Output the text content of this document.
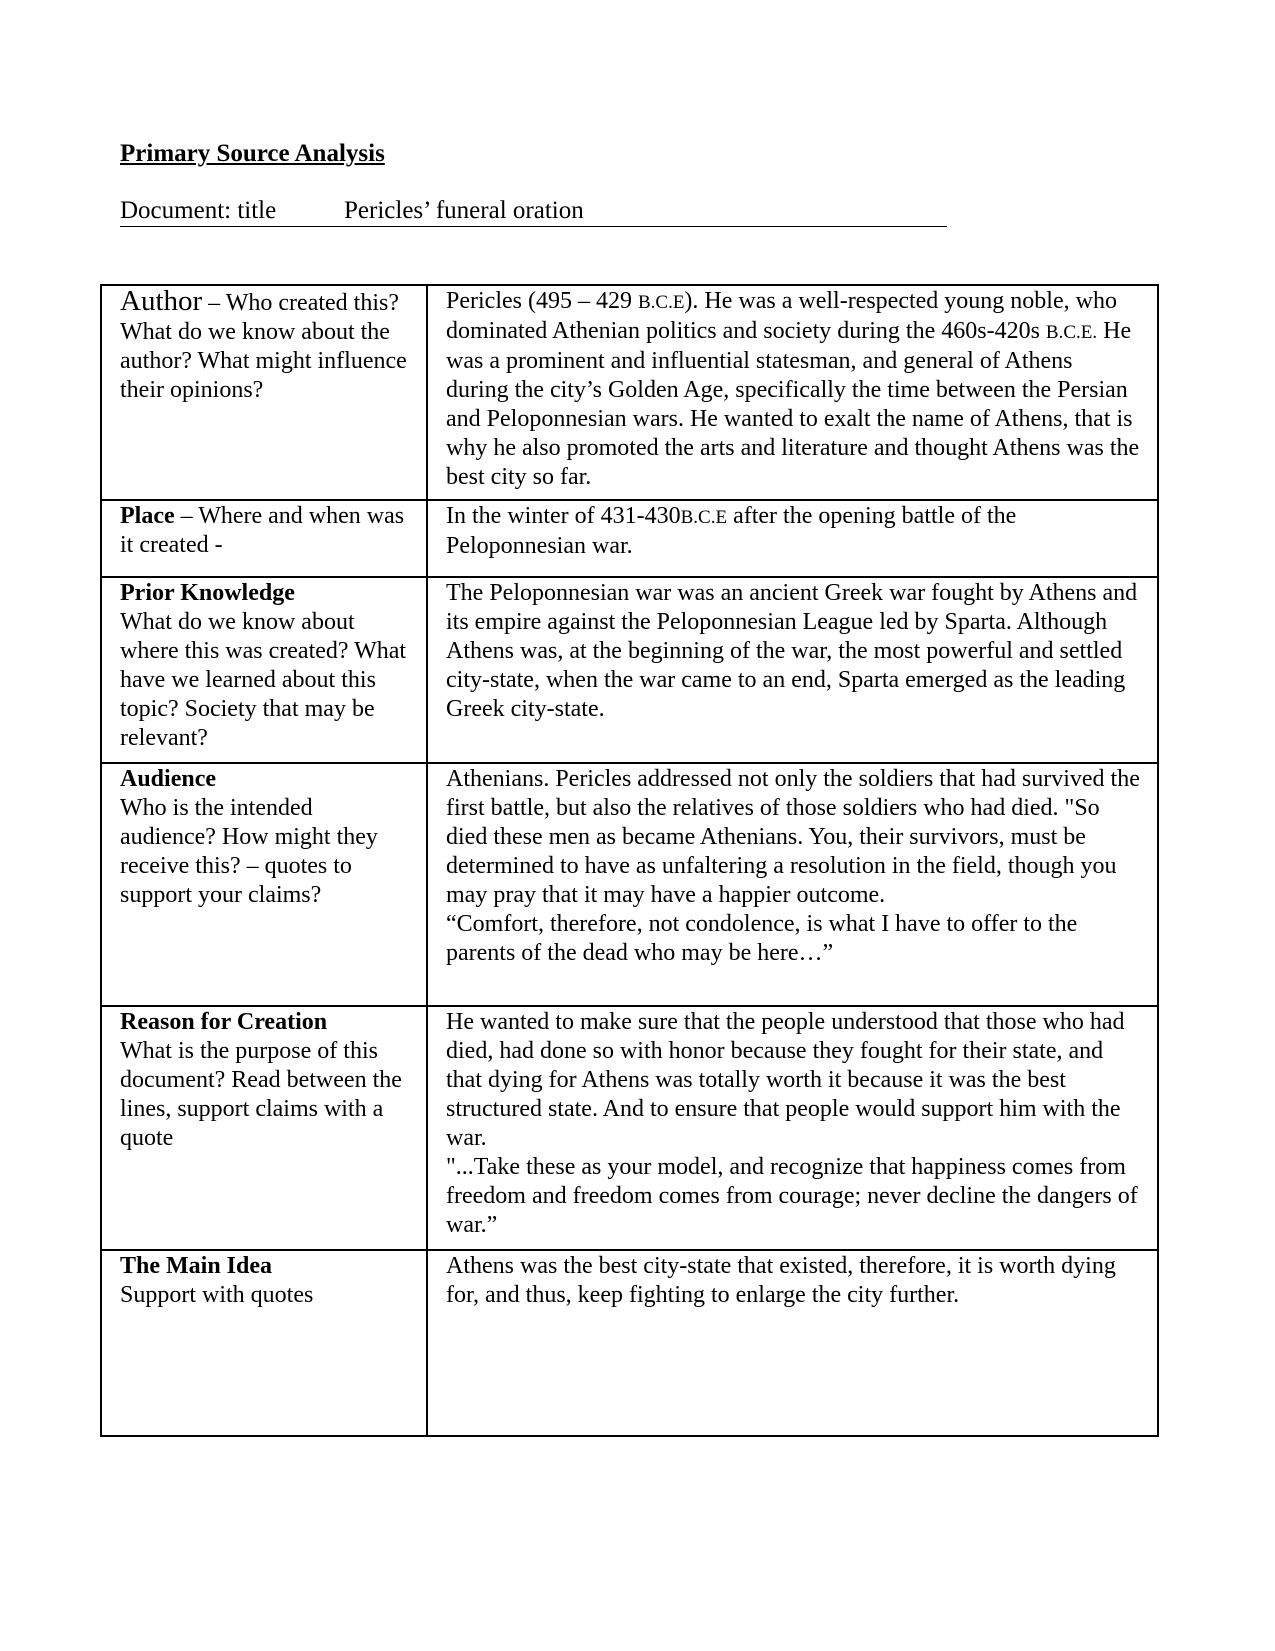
Primary Source Analysis
Document: title	Pericles’ funeral oration
Author – Who created this? What do we know about the author? What might influence their opinions?	Pericles (495 – 429 B.C.E). He was a well-respected young noble, who dominated Athenian politics and society during the 460s-420s B.C.E. He was a prominent and influential statesman, and general of Athens during the city’s Golden Age, specifically the time between the Persian and Peloponnesian wars. He wanted to exalt the name of Athens, that is why he also promoted the arts and literature and thought Athens was the best city so far.
Place – Where and when was it created -	In the winter of 431-430B.C.E after the opening battle of the Peloponnesian war.

Prior Knowledge
What do we know about where this was created? What have we learned about this topic? Society that may be relevant?	The Peloponnesian war was an ancient Greek war fought by Athens and its empire against the Peloponnesian League led by Sparta. Although Athens was, at the beginning of the war, the most powerful and settled city-state, when the war came to an end, Sparta emerged as the leading Greek city-state.

Audience
Who is the intended audience? How might they receive this? – quotes to support your claims?	Athenians. Pericles addressed not only the soldiers that had survived the first battle, but also the relatives of those soldiers who had died. "So died these men as became Athenians. You, their survivors, must be determined to have as unfaltering a resolution in the field, though you may pray that it may have a happier outcome.
“Comfort, therefore, not condolence, is what I have to offer to the parents of the dead who may be here…”

Reason for Creation
What is the purpose of this document? Read between the lines, support claims with a quote	He wanted to make sure that the people understood that those who had died, had done so with honor because they fought for their state, and that dying for Athens was totally worth it because it was the best structured state. And to ensure that people would support him with the war.
"...Take these as your model, and recognize that happiness comes from freedom and freedom comes from courage; never decline the dangers of war.”

The Main Idea
Support with quotes	Athens was the best city-state that existed, therefore, it is worth dying for, and thus, keep fighting to enlarge the city further.
